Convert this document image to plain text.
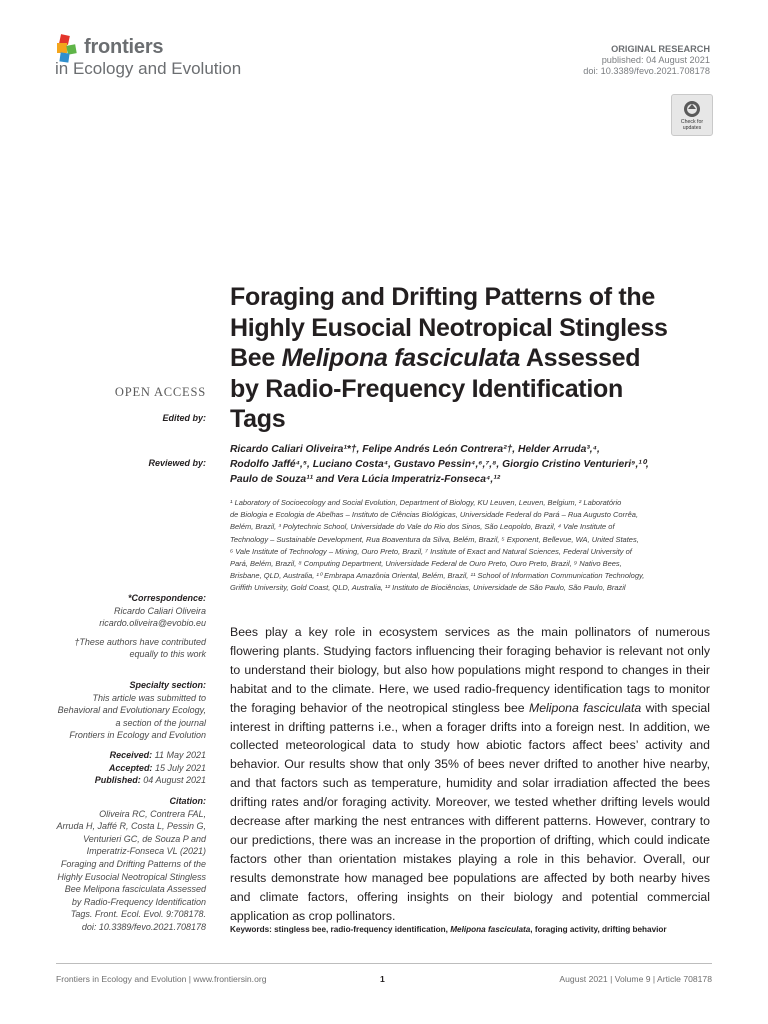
frontiers
in Ecology and Evolution
ORIGINAL RESEARCH
published: 04 August 2021
doi: 10.3389/fevo.2021.708178
Check for
updates
OPEN ACCESS
Edited by:
Reviewed by:
*Correspondence:
Ricardo Caliari Oliveira
ricardo.oliveira@evobio.eu
†These authors have contributed
equally to this work
Specialty section:
This article was submitted to
Behavioral and Evolutionary Ecology,
a section of the journal
Frontiers in Ecology and Evolution
Received: 11 May 2021
Accepted: 15 July 2021
Published: 04 August 2021
Citation:
Oliveira RC, Contrera FAL,
Arruda H, Jaffé R, Costa L, Pessin G,
Venturieri GC, de Souza P and
Imperatriz-Fonseca VL (2021)
Foraging and Drifting Patterns of the
Highly Eusocial Neotropical Stingless
Bee Melipona fasciculata Assessed
by Radio-Frequency Identification
Tags. Front. Ecol. Evol. 9:708178.
doi: 10.3389/fevo.2021.708178
Foraging and Drifting Patterns of the
Highly Eusocial Neotropical Stingless
Bee Melipona fasciculata Assessed
by Radio-Frequency Identification
Tags
Ricardo Caliari Oliveira¹*†, Felipe Andrés León Contrera²†, Helder Arruda³,⁴,
Rodolfo Jaffé⁴,⁵, Luciano Costa⁴, Gustavo Pessin⁴,⁶,⁷,⁸, Giorgio Cristino Venturieri⁹,¹⁰,
Paulo de Souza¹¹ and Vera Lúcia Imperatriz-Fonseca⁴,¹²
¹ Laboratory of Socioecology and Social Evolution, Department of Biology, KU Leuven, Leuven, Belgium, ² Laboratório
de Biologia e Ecologia de Abelhas – Instituto de Ciências Biológicas, Universidade Federal do Pará – Rua Augusto Corrêa,
Belém, Brazil, ³ Polytechnic School, Universidade do Vale do Rio dos Sinos, São Leopoldo, Brazil, ⁴ Vale Institute of
Technology – Sustainable Development, Rua Boaventura da Silva, Belém, Brazil, ⁵ Exponent, Bellevue, WA, United States,
⁶ Vale Institute of Technology – Mining, Ouro Preto, Brazil, ⁷ Institute of Exact and Natural Sciences, Federal University of
Pará, Belém, Brazil, ⁸ Computing Department, Universidade Federal de Ouro Preto, Ouro Preto, Brazil, ⁹ Nativo Bees,
Brisbane, QLD, Australia, ¹⁰ Embrapa Amazônia Oriental, Belém, Brazil, ¹¹ School of Information Communication Technology,
Griffith University, Gold Coast, QLD, Australia, ¹² Instituto de Biociências, Universidade de São Paulo, São Paulo, Brazil
Bees play a key role in ecosystem services as the main pollinators of numerous flowering plants. Studying factors influencing their foraging behavior is relevant not only to understand their biology, but also how populations might respond to changes in their habitat and to the climate. Here, we used radio-frequency identification tags to monitor the foraging behavior of the neotropical stingless bee Melipona fasciculata with special interest in drifting patterns i.e., when a forager drifts into a foreign nest. In addition, we collected meteorological data to study how abiotic factors affect bees’ activity and behavior. Our results show that only 35% of bees never drifted to another hive nearby, and that factors such as temperature, humidity and solar irradiation affected the bees drifting rates and/or foraging activity. Moreover, we tested whether drifting levels would decrease after marking the nest entrances with different patterns. However, contrary to our predictions, there was an increase in the proportion of drifting, which could indicate factors other than orientation mistakes playing a role in this behavior. Overall, our results demonstrate how managed bee populations are affected by both nearby hives and climate factors, offering insights on their biology and potential commercial application as crop pollinators.
Keywords: stingless bee, radio-frequency identification, Melipona fasciculata, foraging activity, drifting behavior
Frontiers in Ecology and Evolution | www.frontiersin.org	1	August 2021 | Volume 9 | Article 708178
